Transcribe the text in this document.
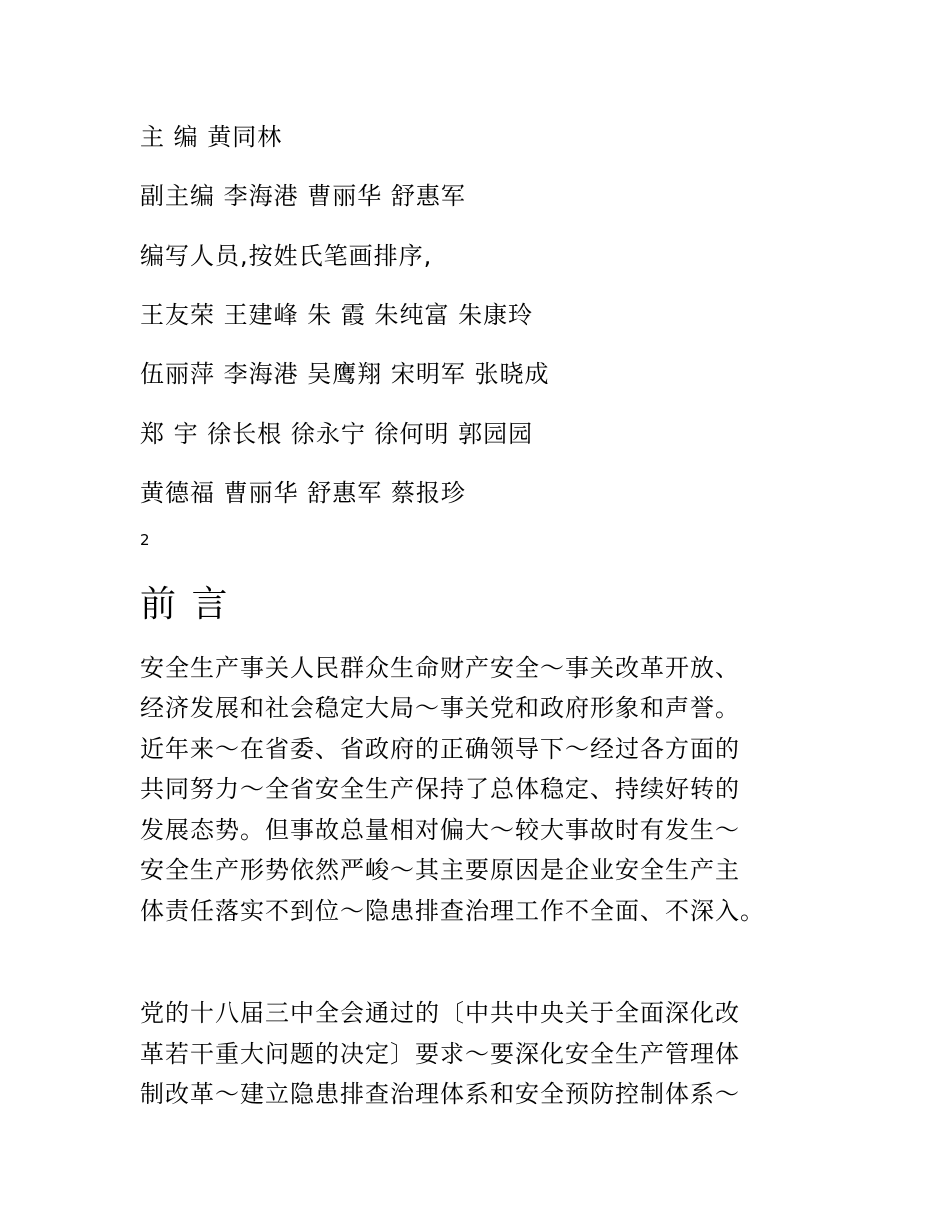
主 编 黄同林
副主编 李海港 曹丽华 舒惠军
编写人员,按姓氏笔画排序,
王友荣 王建峰 朱 霞 朱纯富 朱康玲
伍丽萍 李海港 吴鹰翔 宋明军 张晓成
郑 宇 徐长根 徐永宁 徐何明 郭园园
黄德福 曹丽华 舒惠军 蔡报珍
2
前 言
安全生产事关人民群众生命财产安全～事关改革开放、
经济发展和社会稳定大局～事关党和政府形象和声誉。
近年来～在省委、省政府的正确领导下～经过各方面的
共同努力～全省安全生产保持了总体稳定、持续好转的
发展态势。但事故总量相对偏大～较大事故时有发生～
安全生产形势依然严峻～其主要原因是企业安全生产主
体责任落实不到位～隐患排查治理工作不全面、不深入。
党的十八届三中全会通过的〔中共中央关于全面深化改
革若干重大问题的决定〕要求～要深化安全生产管理体
制改革～建立隐患排查治理体系和安全预防控制体系～
